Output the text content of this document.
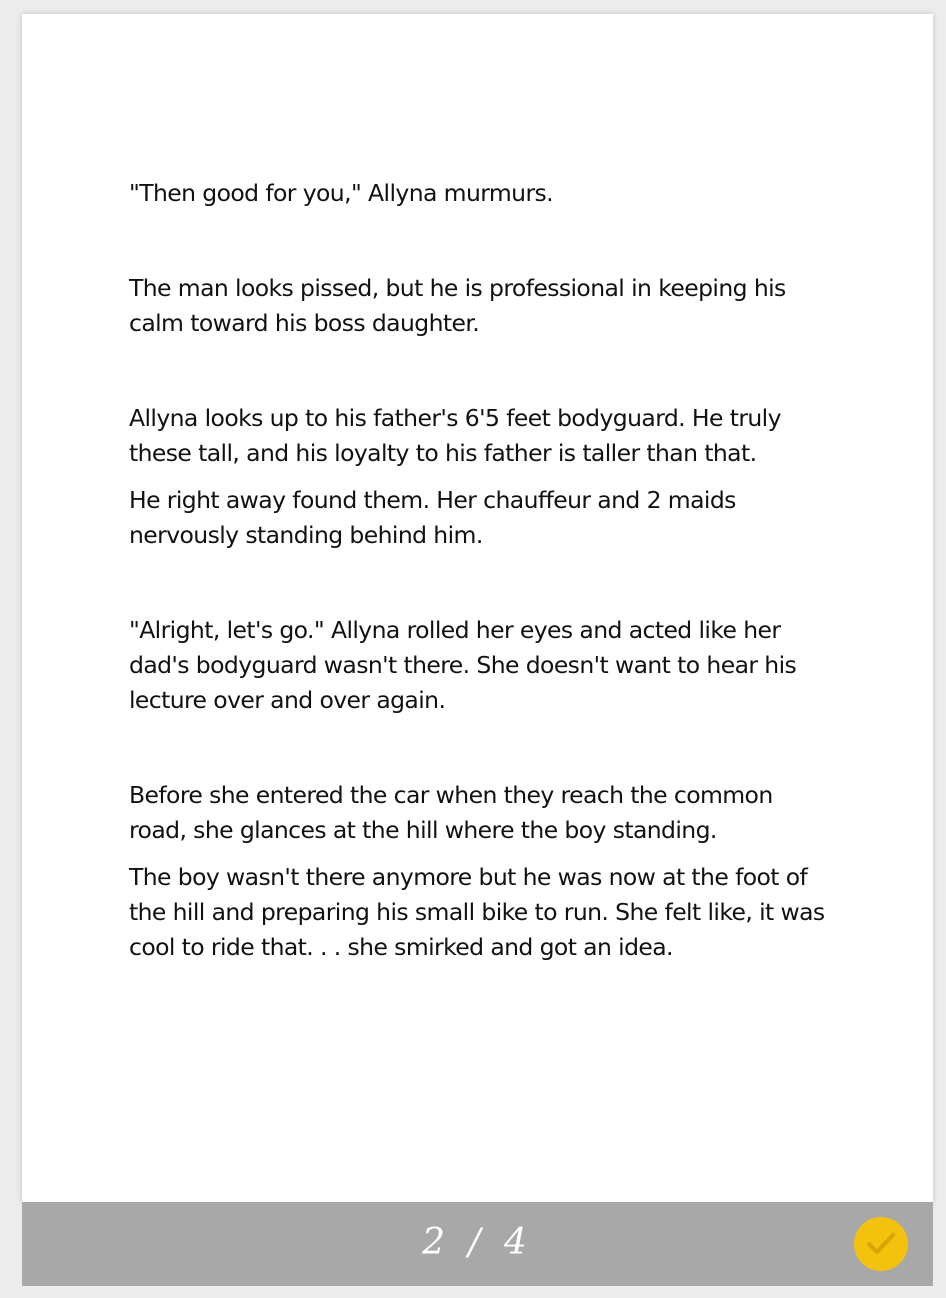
"Then good for you," Allyna murmurs.

The man looks pissed, but he is professional in keeping his calm toward his boss daughter.

Allyna looks up to his father's 6'5 feet bodyguard. He truly these tall, and his loyalty to his father is taller than that.

He right away found them. Her chauffeur and 2 maids nervously standing behind him.

"Alright, let's go." Allyna rolled her eyes and acted like her dad's bodyguard wasn't there. She doesn't want to hear his lecture over and over again.

Before she entered the car when they reach the common road, she glances at the hill where the boy standing.

The boy wasn't there anymore but he was now at the foot of the hill and preparing his small bike to run. She felt like, it was cool to ride that. . . she smirked and got an idea.

2 / 4
